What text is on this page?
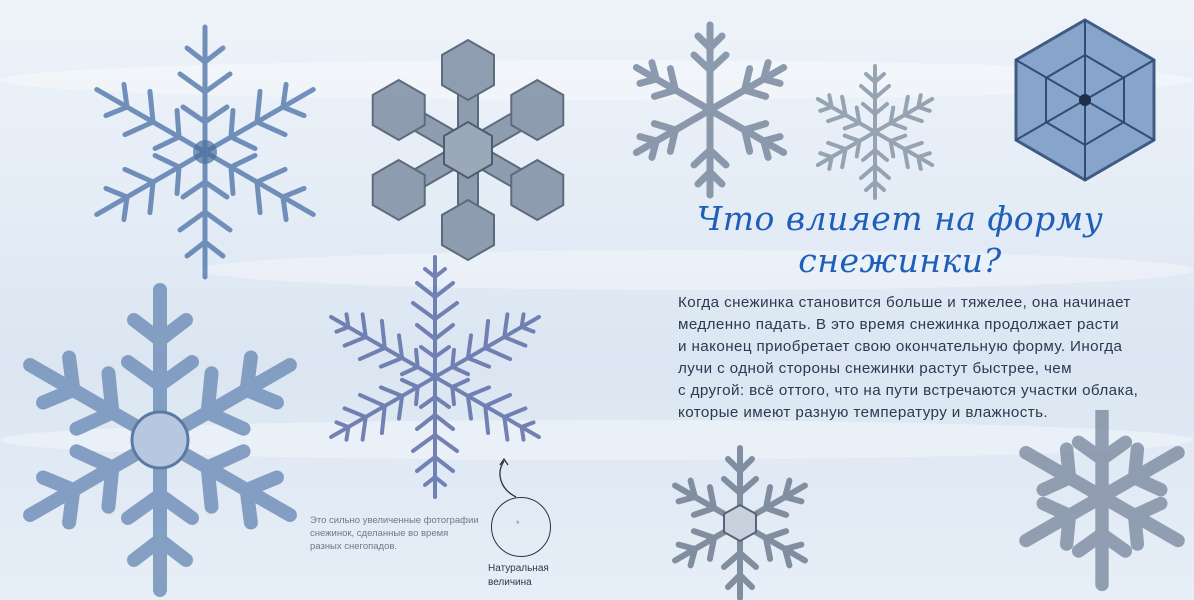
Что влияет на форму
снежинки?
Когда снежинка становится больше и тяжелее, она начинает
медленно падать. В это время снежинка продолжает расти
и наконец приобретает свою окончательную форму. Иногда
лучи с одной стороны снежинки растут быстрее, чем
с другой: всё оттого, что на пути встречаются участки облака,
которые имеют разную температуру и влажность.
Это сильно увеличенные фотографии
снежинок, сделанные во время
разных снегопадов.
*
Натуральная
величина
